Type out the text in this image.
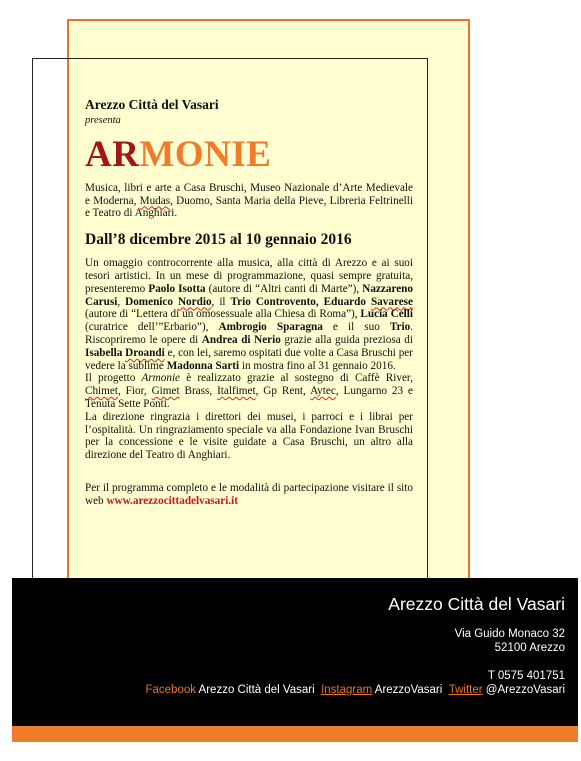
Arezzo Città del Vasari

presenta

ARMONIE

Musica, libri e arte a Casa Bruschi, Museo Nazionale d’Arte Medievale e Moderna, Mudas, Duomo, Santa Maria della Pieve, Libreria Feltrinelli e Teatro di Anghiari.

Dall’8 dicembre 2015 al 10 gennaio 2016

Un omaggio controcorrente alla musica, alla città di Arezzo e ai suoi tesori artistici. In un mese di programmazione, quasi sempre gratuita, presenteremo Paolo Isotta (autore di “Altri canti di Marte”), Nazzareno Carusi, Domenico Nordio, il Trio Controvento, Eduardo Savarese (autore di “Lettera di un omosessuale alla Chiesa di Roma”), Lucia Celli (curatrice dell’”Erbario”), Ambrogio Sparagna e il suo Trio. Riscopriremo le opere di Andrea di Nerio grazie alla guida preziosa di Isabella Droandi e, con lei, saremo ospitati due volte a Casa Bruschi per vedere la sublime Madonna Sarti in mostra fino al 31 gennaio 2016.

Il progetto Armonie è realizzato grazie al sostegno di Caffè River, Chimet, Fior, Gimet Brass, Italfimet, Gp Rent, Aytec, Lungarno 23 e Tenuta Sette Ponti.

La direzione ringrazia i direttori dei musei, i parroci e i librai per l’ospitalità. Un ringraziamento speciale va alla Fondazione Ivan Bruschi per la concessione e le visite guidate a Casa Bruschi, un altro alla direzione del Teatro di Anghiari.

Per il programma completo e le modalità di partecipazione visitare il sito web www.arezzocittadelvasari.it

Arezzo Città del Vasari

Via Guido Monaco 32

52100 Arezzo

T 0575 401751

Facebook Arezzo Città del Vasari Instagram ArezzoVasari Twitter @ArezzoVasari
